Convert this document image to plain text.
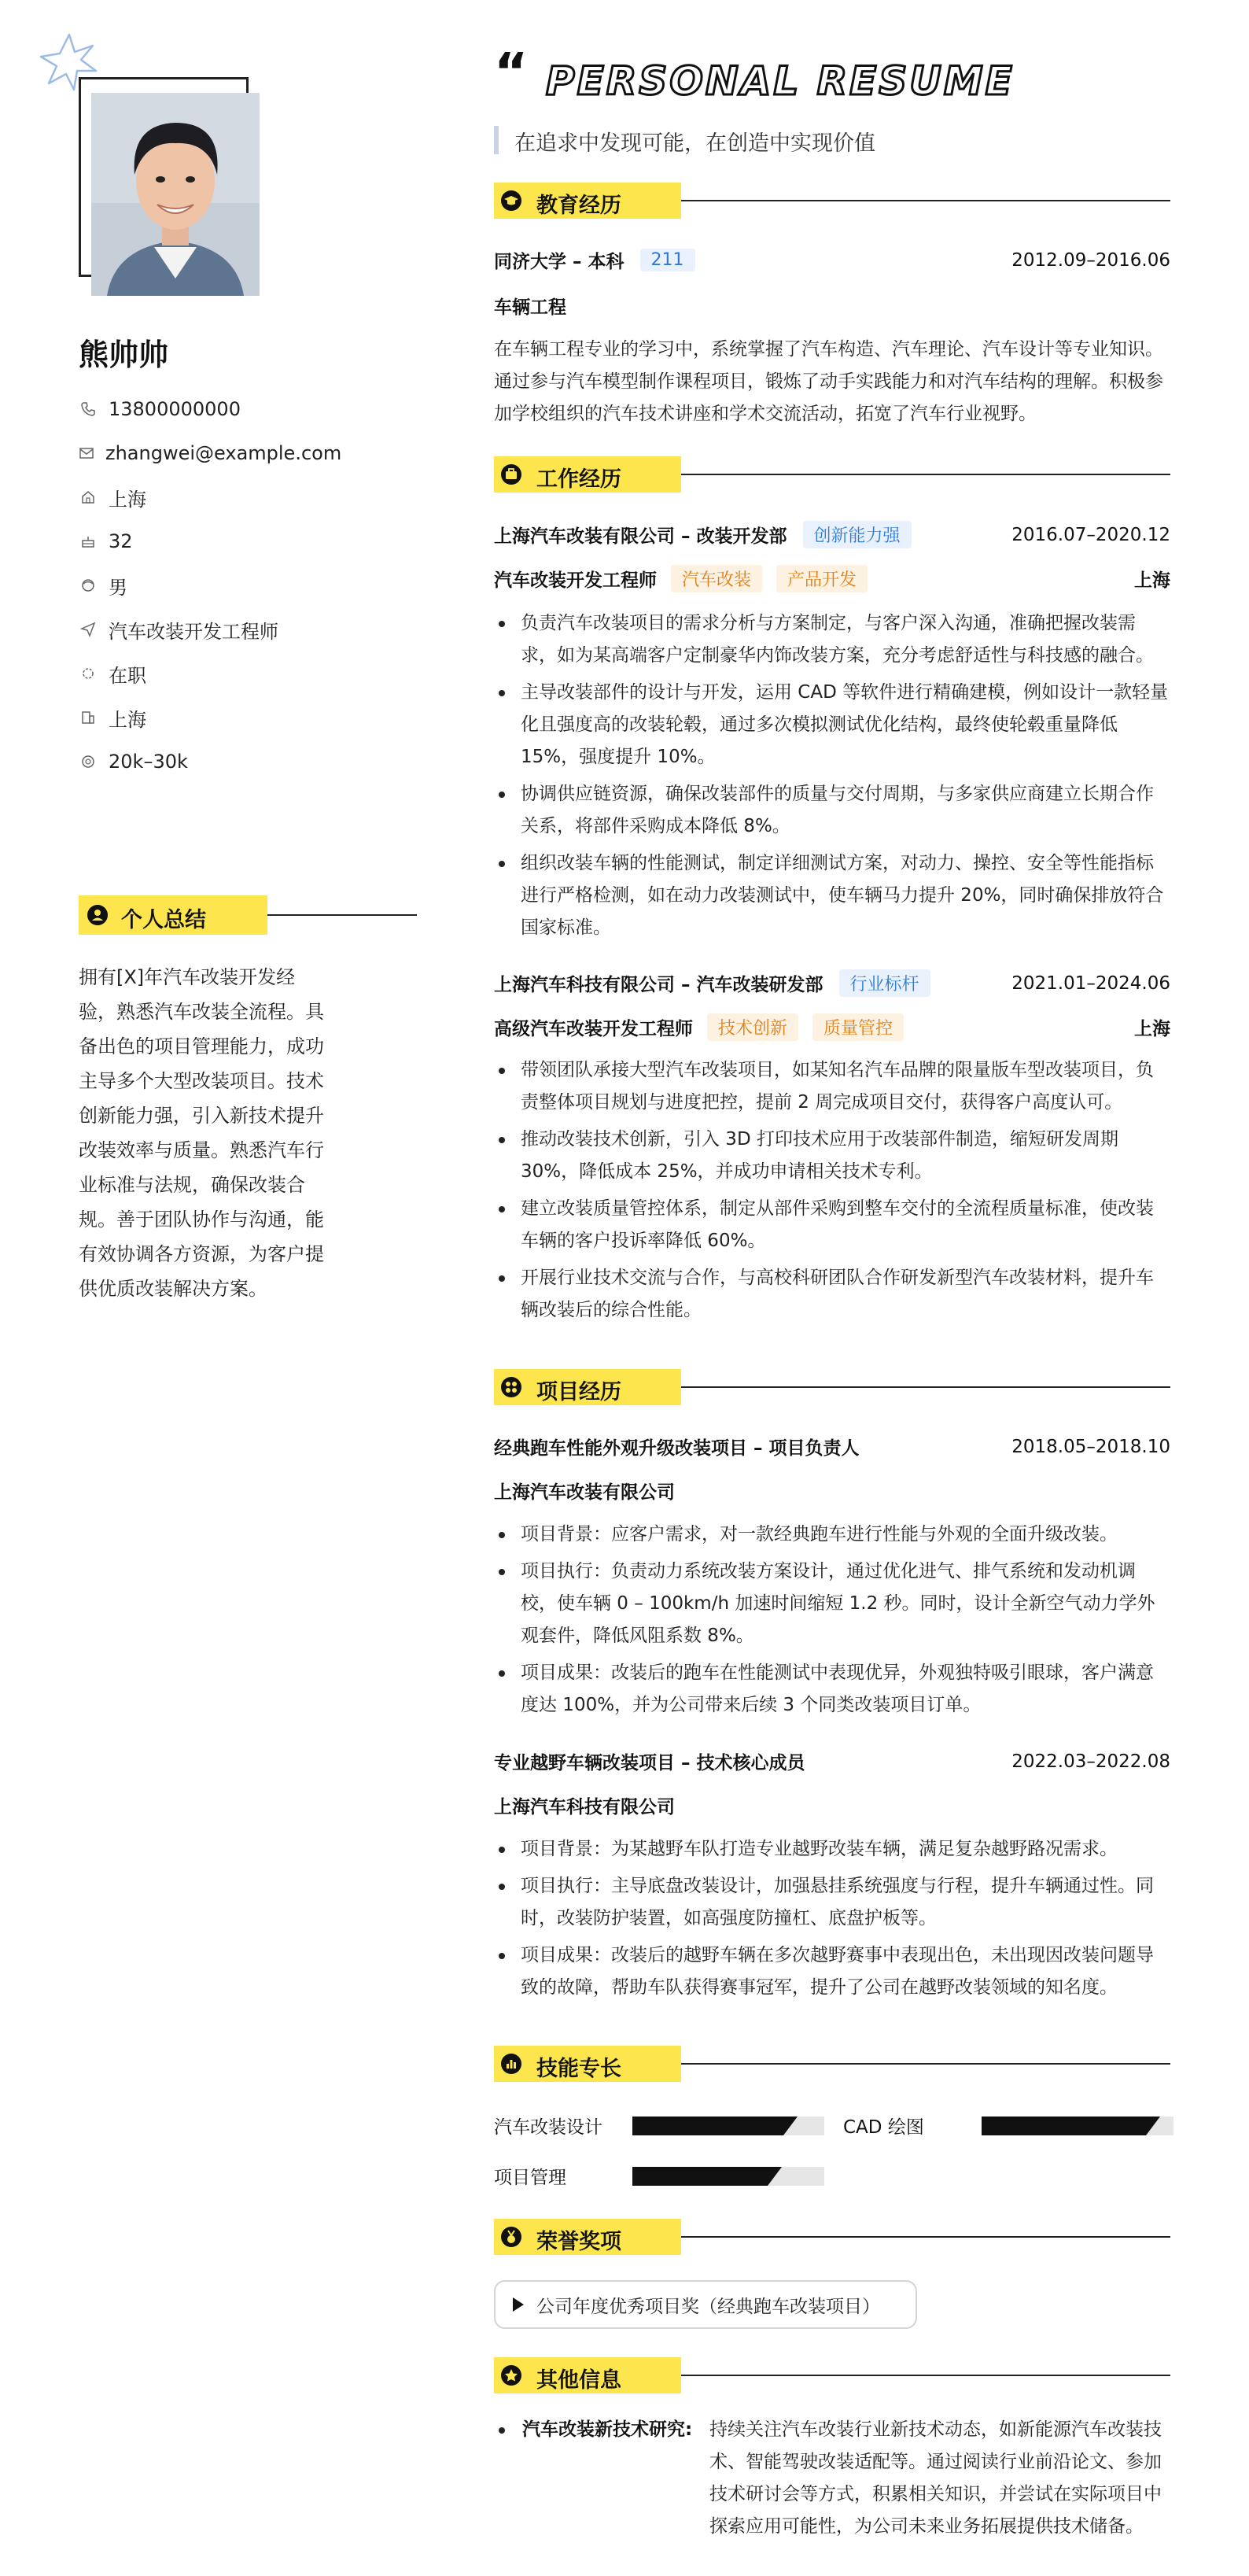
熊帅帅
13800000000
zhangwei@example.com
上海
32
男
汽车改装开发工程师
在职
上海
20k–30k
个人总结
拥有[X]年汽车改装开发经验，熟悉汽车改装全流程。具备出色的项目管理能力，成功主导多个大型改装项目。技术创新能力强，引入新技术提升改装效率与质量。熟悉汽车行业标准与法规，确保改装合规。善于团队协作与沟通，能有效协调各方资源，为客户提供优质改装解决方案。
“ PERSONAL RESUME
在追求中发现可能，在创造中实现价值
教育经历
同济大学 – 本科	211	2012.09–2016.06
车辆工程
在车辆工程专业的学习中，系统掌握了汽车构造、汽车理论、汽车设计等专业知识。通过参与汽车模型制作课程项目，锻炼了动手实践能力和对汽车结构的理解。积极参加学校组织的汽车技术讲座和学术交流活动，拓宽了汽车行业视野。
工作经历
上海汽车改装有限公司 – 改装开发部	创新能力强	2016.07–2020.12
汽车改装开发工程师	汽车改装	产品开发	上海
负责汽车改装项目的需求分析与方案制定，与客户深入沟通，准确把握改装需求，如为某高端客户定制豪华内饰改装方案，充分考虑舒适性与科技感的融合。
主导改装部件的设计与开发，运用 CAD 等软件进行精确建模，例如设计一款轻量化且强度高的改装轮毂，通过多次模拟测试优化结构，最终使轮毂重量降低 15%，强度提升 10%。
协调供应链资源，确保改装部件的质量与交付周期，与多家供应商建立长期合作关系，将部件采购成本降低 8%。
组织改装车辆的性能测试，制定详细测试方案，对动力、操控、安全等性能指标进行严格检测，如在动力改装测试中，使车辆马力提升 20%，同时确保排放符合国家标准。
上海汽车科技有限公司 – 汽车改装研发部	行业标杆	2021.01–2024.06
高级汽车改装开发工程师	技术创新	质量管控	上海
带领团队承接大型汽车改装项目，如某知名汽车品牌的限量版车型改装项目，负责整体项目规划与进度把控，提前 2 周完成项目交付，获得客户高度认可。
推动改装技术创新，引入 3D 打印技术应用于改装部件制造，缩短研发周期 30%，降低成本 25%，并成功申请相关技术专利。
建立改装质量管控体系，制定从部件采购到整车交付的全流程质量标准，使改装车辆的客户投诉率降低 60%。
开展行业技术交流与合作，与高校科研团队合作研发新型汽车改装材料，提升车辆改装后的综合性能。
项目经历
经典跑车性能外观升级改装项目 – 项目负责人	2018.05–2018.10
上海汽车改装有限公司
项目背景：应客户需求，对一款经典跑车进行性能与外观的全面升级改装。
项目执行：负责动力系统改装方案设计，通过优化进气、排气系统和发动机调校，使车辆 0 – 100km/h 加速时间缩短 1.2 秒。同时，设计全新空气动力学外观套件，降低风阻系数 8%。
项目成果：改装后的跑车在性能测试中表现优异，外观独特吸引眼球，客户满意度达 100%，并为公司带来后续 3 个同类改装项目订单。
专业越野车辆改装项目 – 技术核心成员	2022.03–2022.08
上海汽车科技有限公司
项目背景：为某越野车队打造专业越野改装车辆，满足复杂越野路况需求。
项目执行：主导底盘改装设计，加强悬挂系统强度与行程，提升车辆通过性。同时，改装防护装置，如高强度防撞杠、底盘护板等。
项目成果：改装后的越野车辆在多次越野赛事中表现出色，未出现因改装问题导致的故障，帮助车队获得赛事冠军，提升了公司在越野改装领域的知名度。
技能专长
汽车改装设计	CAD 绘图
项目管理
荣誉奖项
公司年度优秀项目奖（经典跑车改装项目）
其他信息
汽车改装新技术研究: 持续关注汽车改装行业新技术动态，如新能源汽车改装技术、智能驾驶改装适配等。通过阅读行业前沿论文、参加技术研讨会等方式，积累相关知识，并尝试在实际项目中探索应用可能性，为公司未来业务拓展提供技术储备。
